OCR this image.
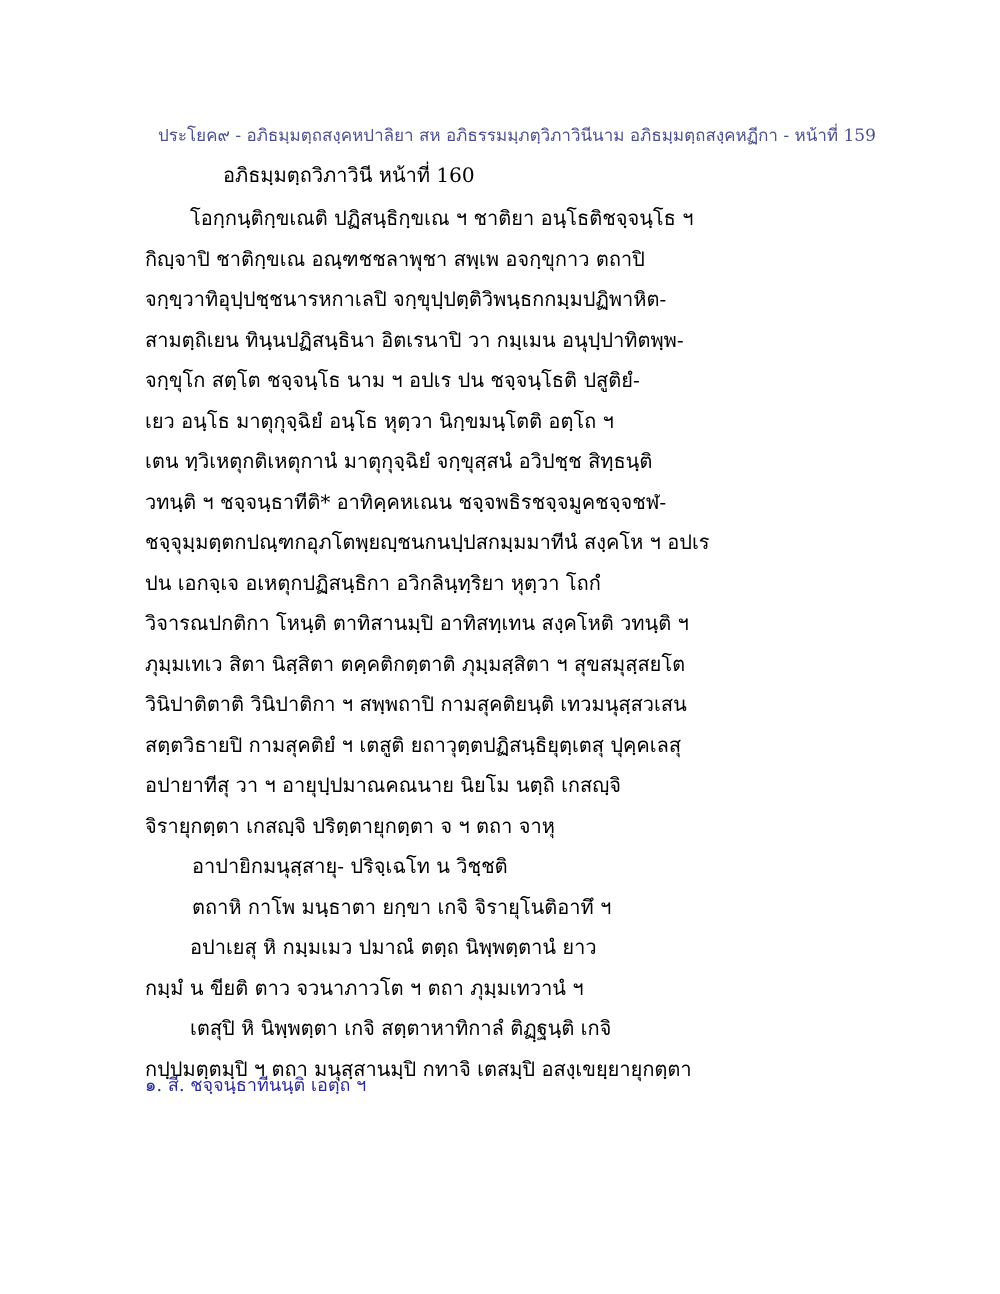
ประโยค๙ - อภิธมฺมตฺถสงฺคหปาลิยา สห อภิธรรมมฺภตฺวิภาวินีนาม อภิธมฺมตฺถสงฺคหฏีกา - หน้าที่ 159
อภิธมฺมตฺถวิภาวินี หน้าที่ 160
โอกฺกนฺติกฺขเณติ ปฏิสนฺธิกฺขเณ ฯ ชาติยา อนฺโธติชจฺจนฺโธ ฯ
กิญฺจาปิ ชาติกฺขเณ อณฺฑชชลาพุชา สพฺเพ อจกฺขุกาว ตถาปิ
จกฺขฺวาทิอุปฺปชฺชนารหกาเลปิ จกฺขุปฺปตฺติวิพนฺธกกมฺมปฏิพาหิต-
สามตฺถิเยน ทินฺนปฏิสนฺธินา อิตเรนาปิ วา กมฺเมน อนุปฺปาทิตพฺพ-
จกฺขุโก สตฺโต ชจฺจนฺโธ นาม ฯ อปเร ปน ชจฺจนฺโธติ ปสูติยํ-
เยว อนฺโธ มาตุกุจฺฉิยํ อนฺโธ หุตฺวา นิกฺขมนฺโตติ อตฺโถ ฯ
เตน ทฺวิเหตุกติเหตุกานํ มาตุกุจฺฉิยํ จกฺขุสฺสนํ อวิปชฺช สิทฺธนฺติ
วทนฺติ ฯ ชจฺจนฺธาทีติ* อาทิคฺคหเณน ชจฺจพธิรชจฺจมูคชจฺจชฬ-
ชจฺจุมฺมตฺตกปณฺฑกอุภโตพฺยญฺชนกนปฺปสกมฺมมาทีนํ สงฺคโห ฯ อปเร
ปน เอกจฺเจ อเหตุกปฏิสนฺธิกา อวิกลินฺทฺริยา หุตฺวา โถกํ
วิจารณปกติกา โหนฺติ ตาทิสานมฺปิ อาทิสทฺเทน สงฺคโหติ วทนฺติ ฯ
ภุมฺมเทเว สิตา นิสฺสิตา ตคฺคติกตฺตาติ ภุมฺมสฺสิตา ฯ สุขสมุสฺสยโต
วินิปาติตาติ วินิปาติกา ฯ สพฺพถาปิ กามสุคติยนฺติ เทวมนุสฺสวเสน
สตฺตวิธายปิ กามสุคติยํ ฯ เตสูติ ยถาวุตฺตปฏิสนฺธิยุตฺเตสุ ปุคฺคเลสุ
อปายาทีสุ วา ฯ อายุปฺปมาณคณนาย นิยโม นตฺถิ เกสญฺจิ
จิรายุกตฺตา เกสญฺจิ ปริตฺตายุกตฺตา จ ฯ ตถา จาหุ
อาปายิกมนุสฺสายุ- ปริจฺเฉโท น วิชฺชติ
ตถาหิ กาโพ มนฺธาตา ยกฺขา เกจิ จิรายุโนติอาทึ ฯ
อปาเยสุ หิ กมฺมเมว ปมาณํ ตตฺถ นิพฺพตฺตานํ ยาว
กมฺมํ น ขียติ ตาว จวนาภาวโต ฯ ตถา ภุมฺมเทวานํ ฯ
เตสุปิ หิ นิพฺพตฺตา เกจิ สตฺตาหาทิกาลํ ติฏฺฐนฺติ เกจิ
กปฺปมตฺตมฺปิ ฯ ตถา มนุสฺสานมฺปิ กทาจิ เตสมฺปิ อสงฺเขยฺยายุกตฺตา
๑. สี. ชจฺจนฺธาทีนนฺติ เอตฺถ ฯ
